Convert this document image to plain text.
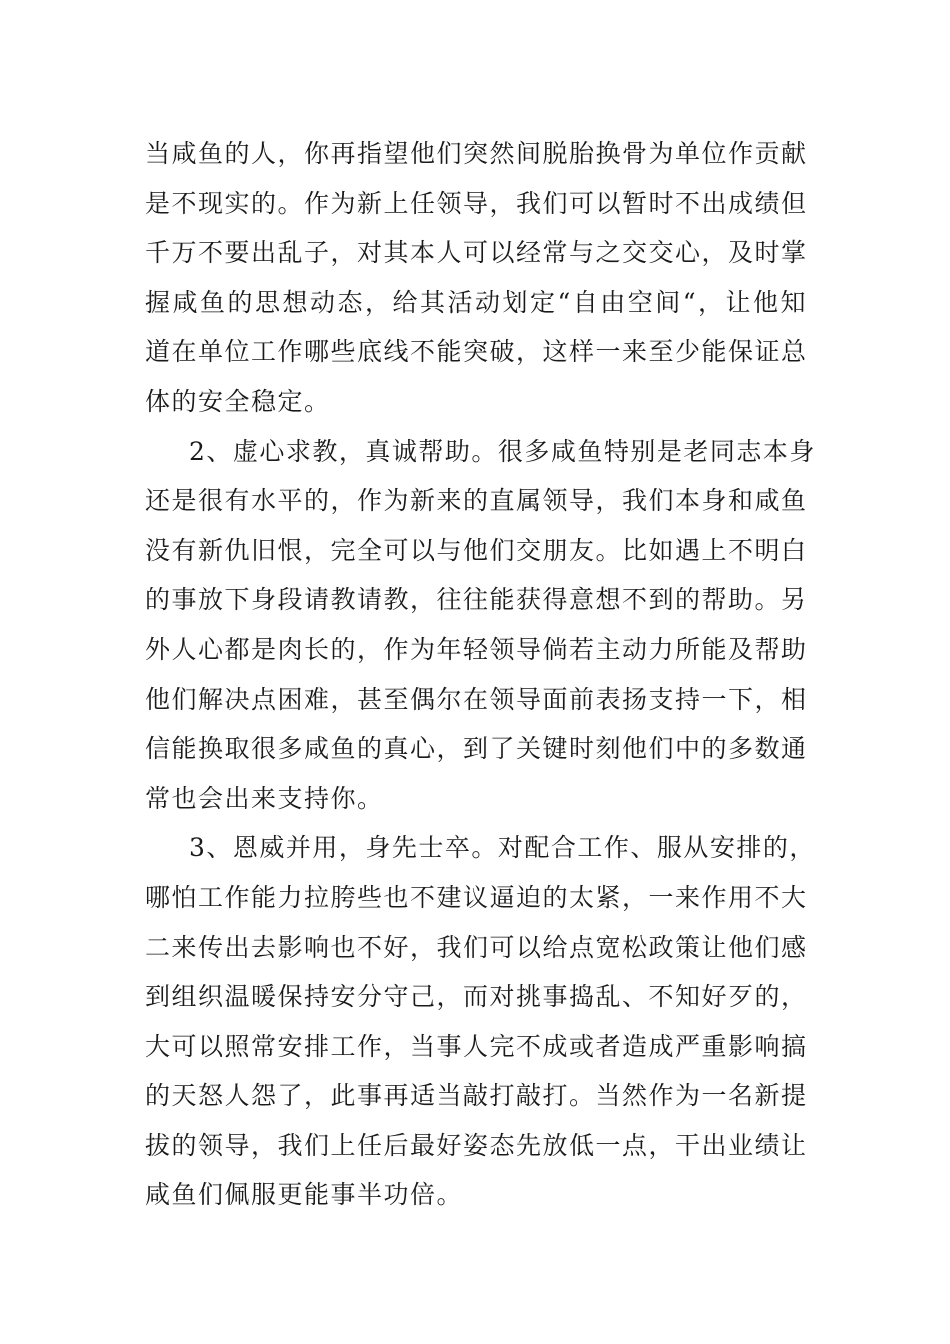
当咸鱼的人，你再指望他们突然间脱胎换骨为单位作贡献
是不现实的。作为新上任领导，我们可以暂时不出成绩但
千万不要出乱子，对其本人可以经常与之交交心，及时掌
握咸鱼的思想动态，给其活动划定“自由空间“，让他知
道在单位工作哪些底线不能突破，这样一来至少能保证总
体的安全稳定。
2、虚心求教，真诚帮助。很多咸鱼特别是老同志本身
还是很有水平的，作为新来的直属领导，我们本身和咸鱼
没有新仇旧恨，完全可以与他们交朋友。比如遇上不明白
的事放下身段请教请教，往往能获得意想不到的帮助。另
外人心都是肉长的，作为年轻领导倘若主动力所能及帮助
他们解决点困难，甚至偶尔在领导面前表扬支持一下，相
信能换取很多咸鱼的真心，到了关键时刻他们中的多数通
常也会出来支持你。
3、恩威并用，身先士卒。对配合工作、服从安排的，
哪怕工作能力拉胯些也不建议逼迫的太紧，一来作用不大
二来传出去影响也不好，我们可以给点宽松政策让他们感
到组织温暖保持安分守己，而对挑事捣乱、不知好歹的，
大可以照常安排工作，当事人完不成或者造成严重影响搞
的天怒人怨了，此事再适当敲打敲打。当然作为一名新提
拔的领导，我们上任后最好姿态先放低一点，干出业绩让
咸鱼们佩服更能事半功倍。
